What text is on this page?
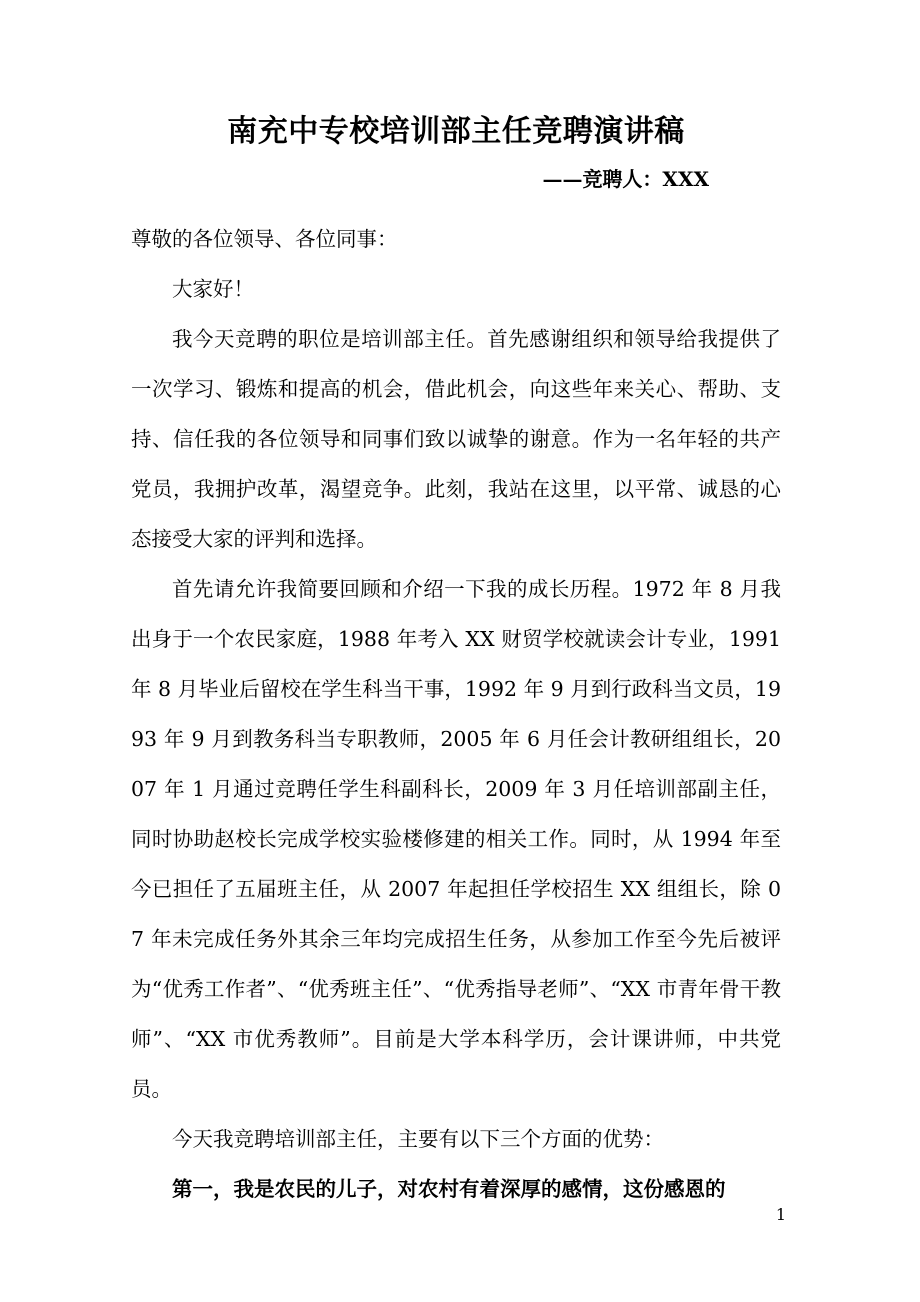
南充中专校培训部主任竞聘演讲稿
——竞聘人：XXX

尊敬的各位领导、各位同事：

大家好！

我今天竞聘的职位是培训部主任。首先感谢组织和领导给我提供了一次学习、锻炼和提高的机会，借此机会，向这些年来关心、帮助、支持、信任我的各位领导和同事们致以诚挚的谢意。作为一名年轻的共产党员，我拥护改革，渴望竞争。此刻，我站在这里，以平常、诚恳的心态接受大家的评判和选择。

首先请允许我简要回顾和介绍一下我的成长历程。1972 年 8 月我出身于一个农民家庭，1988 年考入 XX 财贸学校就读会计专业，1991 年 8 月毕业后留校在学生科当干事，1992 年 9 月到行政科当文员，1993 年 9 月到教务科当专职教师，2005 年 6 月任会计教研组组长，2007 年 1 月通过竞聘任学生科副科长，2009 年 3 月任培训部副主任，同时协助赵校长完成学校实验楼修建的相关工作。同时，从 1994 年至今已担任了五届班主任，从 2007 年起担任学校招生 XX 组组长，除 07 年未完成任务外其余三年均完成招生任务，从参加工作至今先后被评为“优秀工作者”、“优秀班主任”、“优秀指导老师”、“XX 市青年骨干教师”、“XX 市优秀教师”。目前是大学本科学历，会计课讲师，中共党员。

今天我竞聘培训部主任，主要有以下三个方面的优势：

第一，我是农民的儿子，对农村有着深厚的感情，这份感恩的

1
